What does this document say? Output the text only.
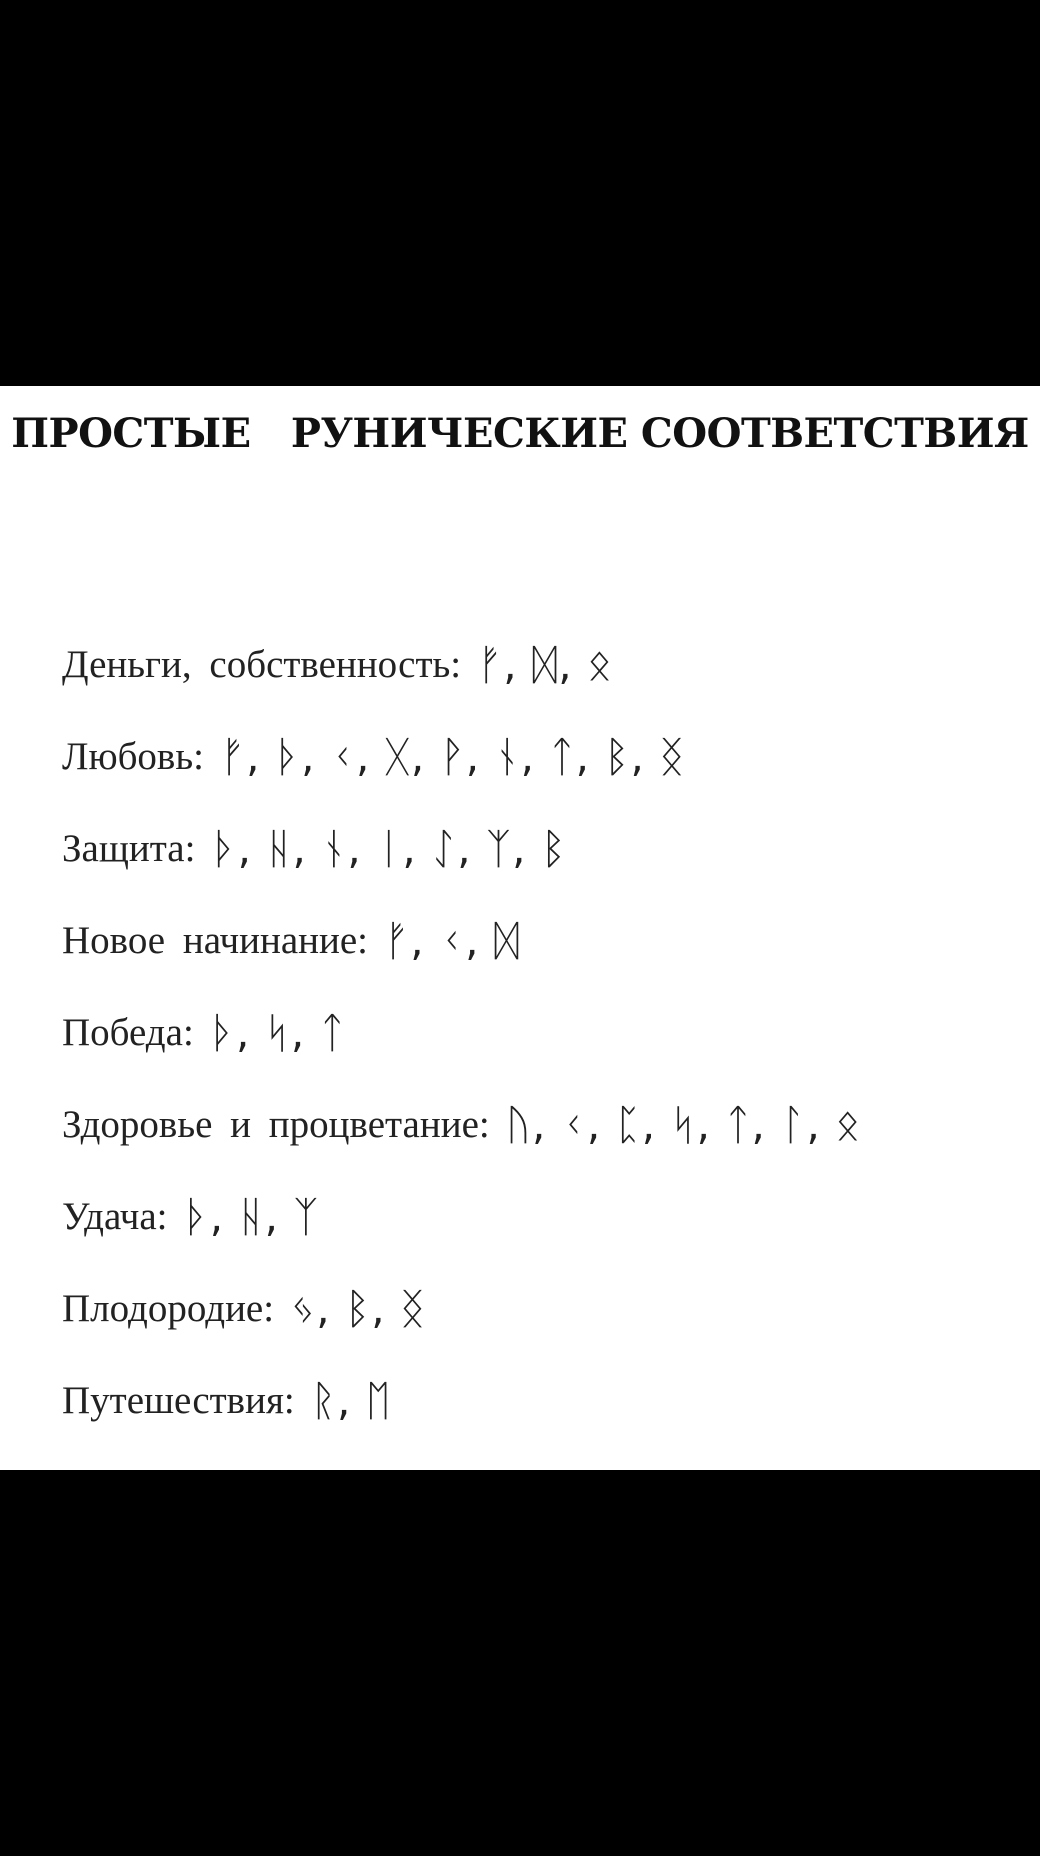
ПРОСТЫЕ   РУНИЧЕСКИЕ СООТВЕТСТВИЯ
Деньги, собственность: ᚠ, ᛞ, ᛟ
Любовь: ᚠ, ᚦ, ᚲ, ᚷ, ᚹ, ᚾ, ᛏ, ᛒ, ᛝ
Защита: ᚦ, ᚺ, ᚾ, ᛁ, ᛇ, ᛉ, ᛒ
Новое начинание: ᚠ, ᚲ, ᛞ
Победа: ᚦ, ᛋ, ᛏ
Здоровье и процветание: ᚢ, ᚲ, ᛈ, ᛋ, ᛏ, ᛚ, ᛟ
Удача: ᚦ, ᚺ, ᛉ
Плодородие: ᛃ, ᛒ, ᛝ
Путешествия: ᚱ, ᛖ
